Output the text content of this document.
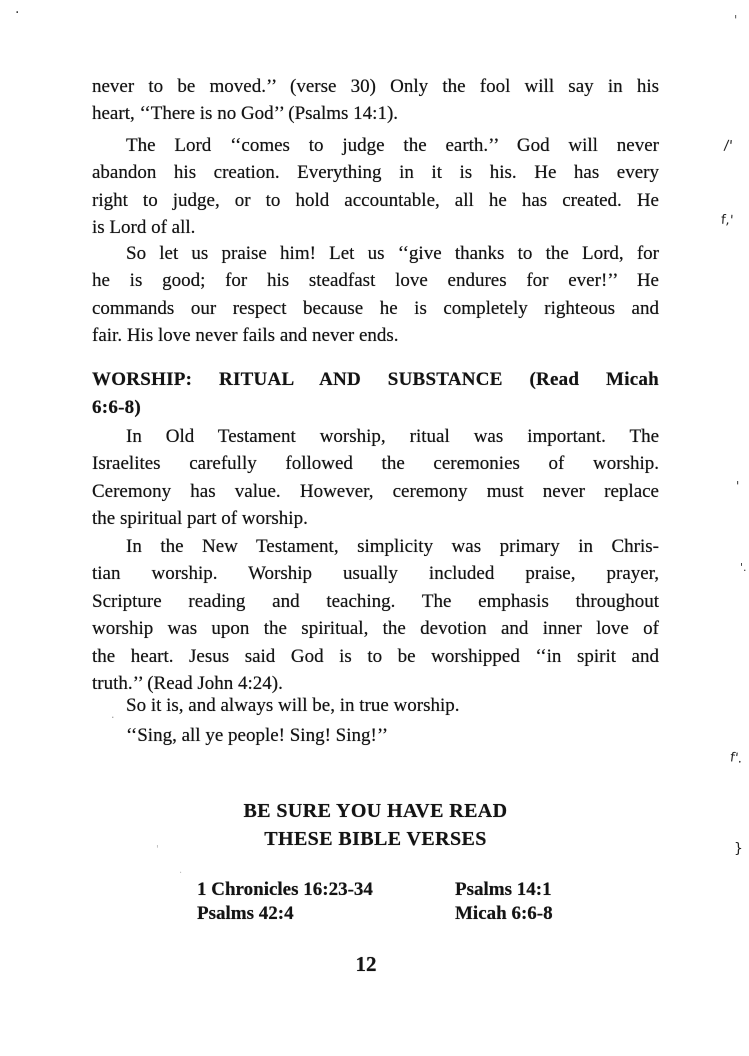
never to be moved.’’ (verse 30) Only the fool will say in his
heart, ‘‘There is no God’’ (Psalms 14:1).
The Lord ‘‘comes to judge the earth.’’ God will never
abandon his creation. Everything in it is his. He has every
right to judge, or to hold accountable, all he has created. He
is Lord of all.
So let us praise him! Let us ‘‘give thanks to the Lord, for
he is good; for his steadfast love endures for ever!’’ He
commands our respect because he is completely righteous and
fair. His love never fails and never ends.
WORSHIP: RITUAL AND SUBSTANCE (Read Micah
6:6-8)
In Old Testament worship, ritual was important. The
Israelites carefully followed the ceremonies of worship.
Ceremony has value. However, ceremony must never replace
the spiritual part of worship.
In the New Testament, simplicity was primary in Chris-
tian worship. Worship usually included praise, prayer,
Scripture reading and teaching. The emphasis throughout
worship was upon the spiritual, the devotion and inner love of
the heart. Jesus said God is to be worshipped ‘‘in spirit and
truth.’’ (Read John 4:24).
So it is, and always will be, in true worship.
‘‘Sing, all ye people! Sing! Sing!’’
BE SURE YOU HAVE READ
THESE BIBLE VERSES
1 Chronicles 16:23-34	Psalms 14:1
Psalms 42:4	Micah 6:6-8
12
·	'
/'
f,'
'
'.
f'.
}
'
·
·
